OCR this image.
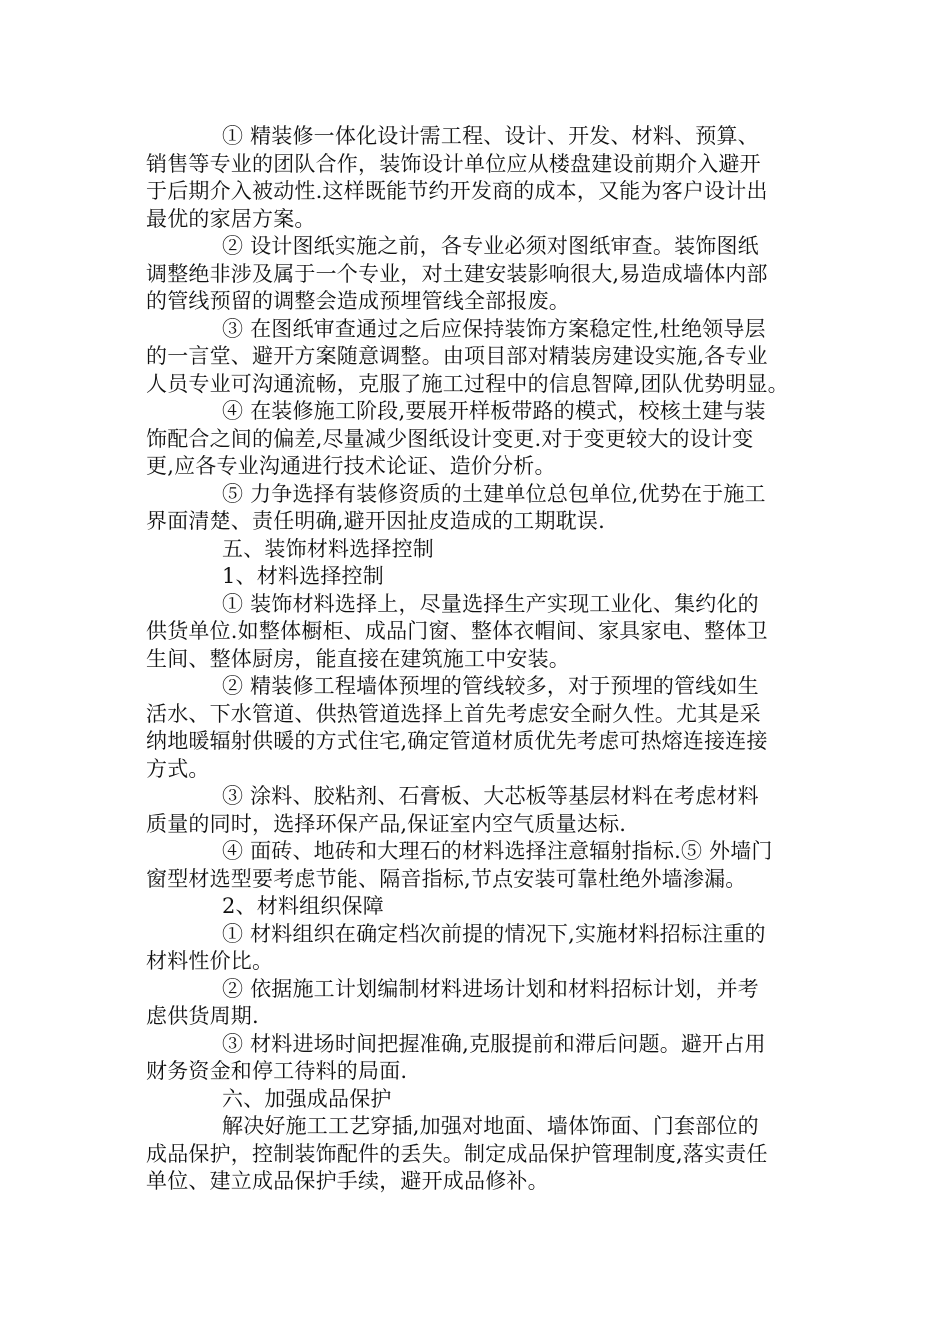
① 精装修一体化设计需工程、设计、开发、材料、预算、
销售等专业的团队合作，装饰设计单位应从楼盘建设前期介入避开
于后期介入被动性.这样既能节约开发商的成本，又能为客户设计出
最优的家居方案。
② 设计图纸实施之前，各专业必须对图纸审查。装饰图纸
调整绝非涉及属于一个专业，对土建安装影响很大,易造成墙体内部
的管线预留的调整会造成预埋管线全部报废。
③ 在图纸审查通过之后应保持装饰方案稳定性,杜绝领导层
的一言堂、避开方案随意调整。由项目部对精装房建设实施,各专业
人员专业可沟通流畅，克服了施工过程中的信息智障,团队优势明显。
④ 在装修施工阶段,要展开样板带路的模式，校核土建与装
饰配合之间的偏差,尽量减少图纸设计变更.对于变更较大的设计变
更,应各专业沟通进行技术论证、造价分析。
⑤ 力争选择有装修资质的土建单位总包单位,优势在于施工
界面清楚、责任明确,避开因扯皮造成的工期耽误.
五、装饰材料选择控制
1、材料选择控制
① 装饰材料选择上，尽量选择生产实现工业化、集约化的
供货单位.如整体橱柜、成品门窗、整体衣帽间、家具家电、整体卫
生间、整体厨房，能直接在建筑施工中安装。
② 精装修工程墙体预埋的管线较多，对于预埋的管线如生
活水、下水管道、供热管道选择上首先考虑安全耐久性。尤其是采
纳地暖辐射供暖的方式住宅,确定管道材质优先考虑可热熔连接连接
方式。
③ 涂料、胶粘剂、石膏板、大芯板等基层材料在考虑材料
质量的同时，选择环保产品,保证室内空气质量达标.
④ 面砖、地砖和大理石的材料选择注意辐射指标.⑤ 外墙门
窗型材选型要考虑节能、隔音指标,节点安装可靠杜绝外墙渗漏。
2、材料组织保障
① 材料组织在确定档次前提的情况下,实施材料招标注重的
材料性价比。
② 依据施工计划编制材料进场计划和材料招标计划，并考
虑供货周期.
③ 材料进场时间把握准确,克服提前和滞后问题。避开占用
财务资金和停工待料的局面.
六、加强成品保护
解决好施工工艺穿插,加强对地面、墙体饰面、门套部位的
成品保护，控制装饰配件的丢失。制定成品保护管理制度,落实责任
单位、建立成品保护手续，避开成品修补。
